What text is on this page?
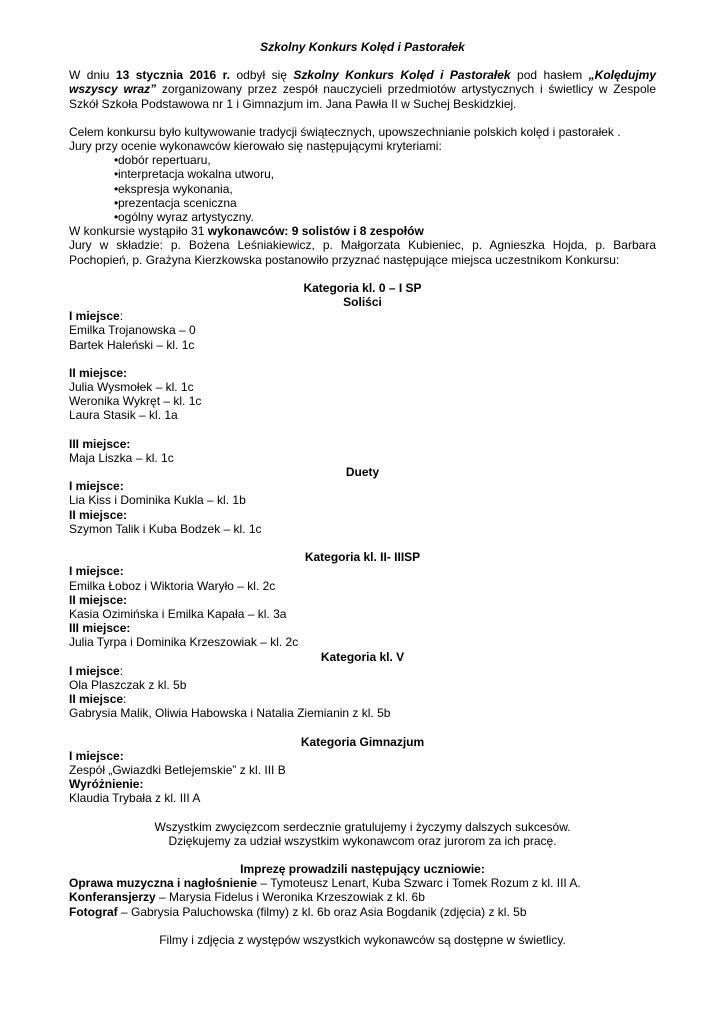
Szkolny Konkurs Kolęd i Pastorałek

W dniu 13 stycznia 2016 r. odbył się Szkolny Konkurs Kolęd i Pastorałek pod hasłem „Kolędujmy wszyscy wraz” zorganizowany przez zespół nauczycieli przedmiotów artystycznych i świetlicy w Zespole Szkół Szkoła Podstawowa nr 1 i Gimnazjum im. Jana Pawła II w Suchej Beskidzkiej.

Celem konkursu było kultywowanie tradycji świątecznych, upowszechnianie polskich kolęd i pastorałek .

Jury przy ocenie wykonawców kierowało się następującymi kryteriami:

•
dobór repertuaru,
•
interpretacja wokalna utworu,
•
ekspresja wykonania,
•
prezentacja sceniczna
•
ogólny wyraz artystyczny.

W konkursie wystąpiło 31 wykonawców: 9 solistów i 8 zespołów

Jury w składzie: p. Bożena Leśniakiewicz, p. Małgorzata Kubieniec, p. Agnieszka Hojda, p. Barbara Pochopień, p. Grażyna Kierzkowska postanowiło przyznać następujące miejsca uczestnikom Konkursu:

Kategoria kl. 0 – I SP

Soliści

I miejsce:

Emilka Trojanowska – 0

Bartek Haleński – kl. 1c

II miejsce:

Julia Wysmołek – kl. 1c

Weronika Wykręt – kl. 1c

Laura Stasik – kl. 1a

III miejsce:

Maja Liszka – kl. 1c

Duety

I miejsce:

Lia Kiss i Dominika Kukla – kl. 1b

II miejsce:

Szymon Talik i Kuba Bodzek – kl. 1c

Kategoria kl. II- IIISP

I miejsce:

Emilka Łoboz i Wiktoria Waryło – kl. 2c

II miejsce:

Kasia Ozimińska i Emilka Kapała – kl. 3a

III miejsce:

Julia Tyrpa i Dominika Krzeszowiak – kl. 2c

Kategoria kl. V

I miejsce:

Ola Plaszczak z kl. 5b

II miejsce:

Gabrysia Malik, Oliwia Habowska i Natalia Ziemianin z kl. 5b

Kategoria Gimnazjum

I miejsce:

Zespół „Gwiazdki Betlejemskie” z kl. III B

Wyróżnienie:

Klaudia Trybała z kl. III A

Wszystkim zwycięzcom serdecznie gratulujemy i życzymy dalszych sukcesów.

Dziękujemy za udział wszystkim wykonawcom oraz jurorom za ich pracę.

Imprezę prowadzili następujący uczniowie:

Oprawa muzyczna i nagłośnienie – Tymoteusz Lenart, Kuba Szwarc i Tomek Rozum z kl. III A.

Konferansjerzy – Marysia Fidelus i Weronika Krzeszowiak z kl. 6b

Fotograf – Gabrysia Paluchowska (filmy) z kl. 6b oraz Asia Bogdanik (zdjęcia) z kl. 5b

Filmy i zdjęcia z występów wszystkich wykonawców są dostępne w świetlicy.
